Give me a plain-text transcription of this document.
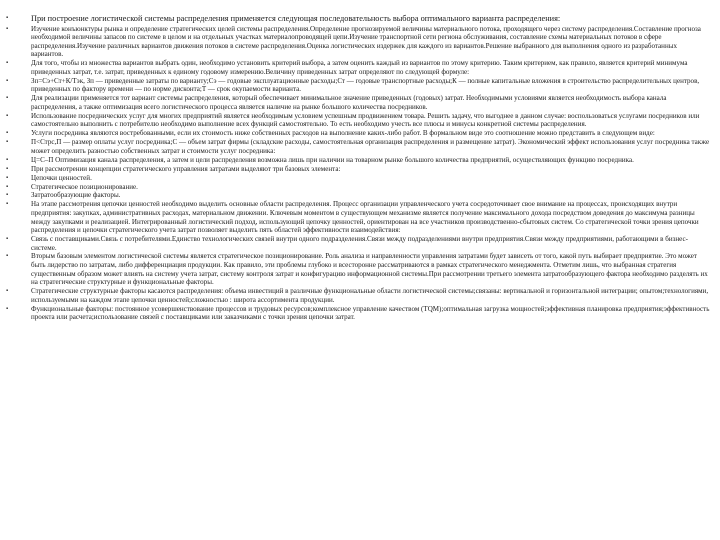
▪	При построение логистической системы распределения применяется следующая последовательность выбора оптимального варианта распределения:
▪	Изучение конъюнктуры рынка и определение стратегических целей системы распределения.Определение прогнозируемой величины материального потока, проходящего через систему распределения.Составление прогноза необходимой величины запасов по системе в целом и на отдельных участках материалопроводящей цепи.Изучение транспортной сети региона обслуживания, составление схемы материальных потоков в сфере распределения.Изучение различных вариантов движения потоков в системе распределения.Оценка логистических издержек для каждого из вариантов.Решение выбранного для выполнения одного из разработанных вариантов.
▪	Для того, чтобы из множества вариантов выбрать один, необходимо установить критерий выбора, а затем оценить каждый из вариантов по этому критерию. Таким критерием, как правило, является критерий минимума приведенных затрат, т.е. затрат, приведенных к единому годовому измерению.Величину приведенных затрат определяют по следующей формуле:
▪	Зп=Сэ+Ст+К/Тэк, Зп — приведенные затраты по варианту;Сэ — годовые эксплуатационные расходы;Ст — годовые транспортные расходы;К — полные капитальные вложения в строительство распределительных центров, приведенных по фактору времени — по норме дисконта;Т — срок окупаемости варианта.
▪	Для реализации применяется тот вариант системы распределения, который обеспечивает минимальное значение приведенных (годовых) затрат. Необходимыми условиями является необходимость выбора канала распределения, а также оптимизация всего логистического процесса является наличие на рынке большого количества посредников.
▪	Использование посреднических услуг для многих предприятий является необходимым условием успешным продвижением товара. Решить задачу, что выгоднее в данном случае: воспользоваться услугами посредников или самостоятельно выполнить с потребителю необходимо выполнение всех функций самостоятельно. То есть необходимо учесть все плюсы и минусы конкретной системы распределения.
▪	Услуги посредника являются востребованными, если их стоимость ниже собственных расходов на выполнение каких-либо работ. В формальном виде это соотношение можно представить в следующем виде:
▪	П<Стрс,П — размер оплаты услуг посредника;С — объем затрат фирмы (складские расходы, самостоятельная организация распределения и размещение затрат). Экономический эффект использования услуг посредника также может определить разностью собственных затрат и стоимости услуг посредника:
▪	Ц=С–П Оптимизация канала распределения, а затем и цели распределения возможна лишь при наличии на товарном рынке большого количества предприятий, осуществляющих функцию посредника.
▪	При рассмотрении концепции стратегического управления затратами выделяют три базовых элемента:
▪	Цепочки ценностей.
▪	Стратегическое позиционирование.
▪	Затратообразующие факторы.
▪	На этапе рассмотрения цепочки ценностей необходимо выделить основные области распределения. Процесс организации управленческого учета сосредоточивает свое внимание на процессах, происходящих внутри предприятия: закупках, административных расходах, материальном движении. Ключевым моментом в существующем механизме является получение максимального дохода посредством доведения до максимума разницы между закупками и реализацией. Интегрированный логистический подход, использующий цепочку ценностей, ориентирован на все участников производственно-сбытовых систем. Со стратегической точки зрения цепочки распределения и цепочки стратегического учета затрат позволяет выделить пять областей эффективности взаимодействия:
▪	Связь с поставщиками.Связь с потребителями.Единство технологических связей внутри одного подразделения.Связи между подразделениями внутри предприятия.Связи между предприятиями, работающими в бизнес-системе.
▪	Вторым базовым элементом логистической системы является стратегическое позиционирование. Роль анализа и направленности управления затратами будет зависеть от того, какой путь выбирает предприятие. Это может быть лидерство по затратам, либо дифференциация продукции. Как правило, эти проблемы глубоко и всесторонне рассматриваются в рамках стратегического менеджмента. Отметим лишь, что выбранная стратегия существенным образом может влиять на систему учета затрат, систему контроля затрат и конфигурацию информационной системы.При рассмотрении третьего элемента затратообразующего фактора необходимо разделять их на стратегические структурные и функциональные факторы.
▪	Стратегические структурные факторы касаются распределения: объема инвестиций в различные функциональные области логистической системы;связаны: вертикальной и горизонтальной интеграции; опытом;технологиями, используемыми на каждом этапе цепочки ценностей;сложностью : широта ассортимента продукции.
▪	Функциональные факторы: постоянное усовершенствование процессов и трудовых ресурсов;комплексное управление качеством (TQM);оптимальная загрузка мощностей;эффективная планировка предприятия;эффективность проекта или расчета;использование связей с поставщиками или заказчиками с точки зрения цепочки затрат.
